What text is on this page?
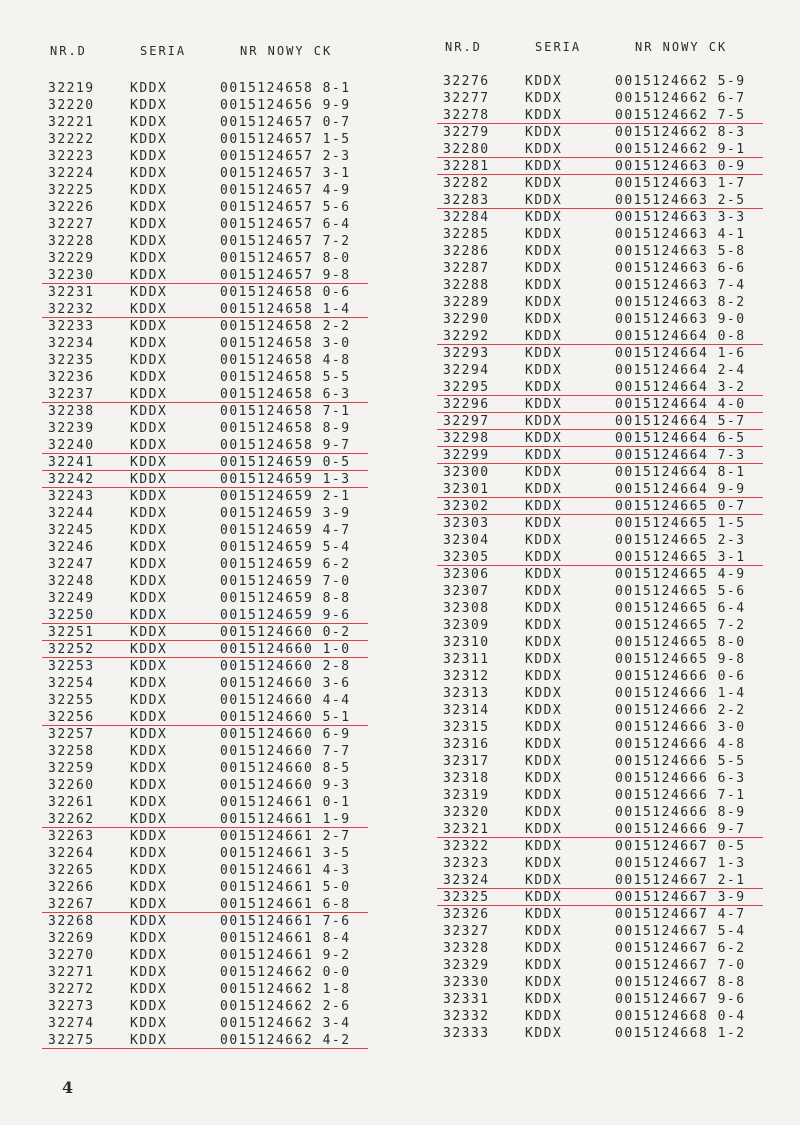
NR.D	SERIA	NR NOWY CK
32219	KDDX	0015124658 8-1
32220	KDDX	0015124656 9-9
32221	KDDX	0015124657 0-7
32222	KDDX	0015124657 1-5
32223	KDDX	0015124657 2-3
32224	KDDX	0015124657 3-1
32225	KDDX	0015124657 4-9
32226	KDDX	0015124657 5-6
32227	KDDX	0015124657 6-4
32228	KDDX	0015124657 7-2
32229	KDDX	0015124657 8-0
32230	KDDX	0015124657 9-8
32231	KDDX	0015124658 0-6
32232	KDDX	0015124658 1-4
32233	KDDX	0015124658 2-2
32234	KDDX	0015124658 3-0
32235	KDDX	0015124658 4-8
32236	KDDX	0015124658 5-5
32237	KDDX	0015124658 6-3
32238	KDDX	0015124658 7-1
32239	KDDX	0015124658 8-9
32240	KDDX	0015124658 9-7
32241	KDDX	0015124659 0-5
32242	KDDX	0015124659 1-3
32243	KDDX	0015124659 2-1
32244	KDDX	0015124659 3-9
32245	KDDX	0015124659 4-7
32246	KDDX	0015124659 5-4
32247	KDDX	0015124659 6-2
32248	KDDX	0015124659 7-0
32249	KDDX	0015124659 8-8
32250	KDDX	0015124659 9-6
32251	KDDX	0015124660 0-2
32252	KDDX	0015124660 1-0
32253	KDDX	0015124660 2-8
32254	KDDX	0015124660 3-6
32255	KDDX	0015124660 4-4
32256	KDDX	0015124660 5-1
32257	KDDX	0015124660 6-9
32258	KDDX	0015124660 7-7
32259	KDDX	0015124660 8-5
32260	KDDX	0015124660 9-3
32261	KDDX	0015124661 0-1
32262	KDDX	0015124661 1-9
32263	KDDX	0015124661 2-7
32264	KDDX	0015124661 3-5
32265	KDDX	0015124661 4-3
32266	KDDX	0015124661 5-0
32267	KDDX	0015124661 6-8
32268	KDDX	0015124661 7-6
32269	KDDX	0015124661 8-4
32270	KDDX	0015124661 9-2
32271	KDDX	0015124662 0-0
32272	KDDX	0015124662 1-8
32273	KDDX	0015124662 2-6
32274	KDDX	0015124662 3-4
32275	KDDX	0015124662 4-2
NR.D	SERIA	NR NOWY CK
32276	KDDX	0015124662 5-9
32277	KDDX	0015124662 6-7
32278	KDDX	0015124662 7-5
32279	KDDX	0015124662 8-3
32280	KDDX	0015124662 9-1
32281	KDDX	0015124663 0-9
32282	KDDX	0015124663 1-7
32283	KDDX	0015124663 2-5
32284	KDDX	0015124663 3-3
32285	KDDX	0015124663 4-1
32286	KDDX	0015124663 5-8
32287	KDDX	0015124663 6-6
32288	KDDX	0015124663 7-4
32289	KDDX	0015124663 8-2
32290	KDDX	0015124663 9-0
32292	KDDX	0015124664 0-8
32293	KDDX	0015124664 1-6
32294	KDDX	0015124664 2-4
32295	KDDX	0015124664 3-2
32296	KDDX	0015124664 4-0
32297	KDDX	0015124664 5-7
32298	KDDX	0015124664 6-5
32299	KDDX	0015124664 7-3
32300	KDDX	0015124664 8-1
32301	KDDX	0015124664 9-9
32302	KDDX	0015124665 0-7
32303	KDDX	0015124665 1-5
32304	KDDX	0015124665 2-3
32305	KDDX	0015124665 3-1
32306	KDDX	0015124665 4-9
32307	KDDX	0015124665 5-6
32308	KDDX	0015124665 6-4
32309	KDDX	0015124665 7-2
32310	KDDX	0015124665 8-0
32311	KDDX	0015124665 9-8
32312	KDDX	0015124666 0-6
32313	KDDX	0015124666 1-4
32314	KDDX	0015124666 2-2
32315	KDDX	0015124666 3-0
32316	KDDX	0015124666 4-8
32317	KDDX	0015124666 5-5
32318	KDDX	0015124666 6-3
32319	KDDX	0015124666 7-1
32320	KDDX	0015124666 8-9
32321	KDDX	0015124666 9-7
32322	KDDX	0015124667 0-5
32323	KDDX	0015124667 1-3
32324	KDDX	0015124667 2-1
32325	KDDX	0015124667 3-9
32326	KDDX	0015124667 4-7
32327	KDDX	0015124667 5-4
32328	KDDX	0015124667 6-2
32329	KDDX	0015124667 7-0
32330	KDDX	0015124667 8-8
32331	KDDX	0015124667 9-6
32332	KDDX	0015124668 0-4
32333	KDDX	0015124668 1-2
4
